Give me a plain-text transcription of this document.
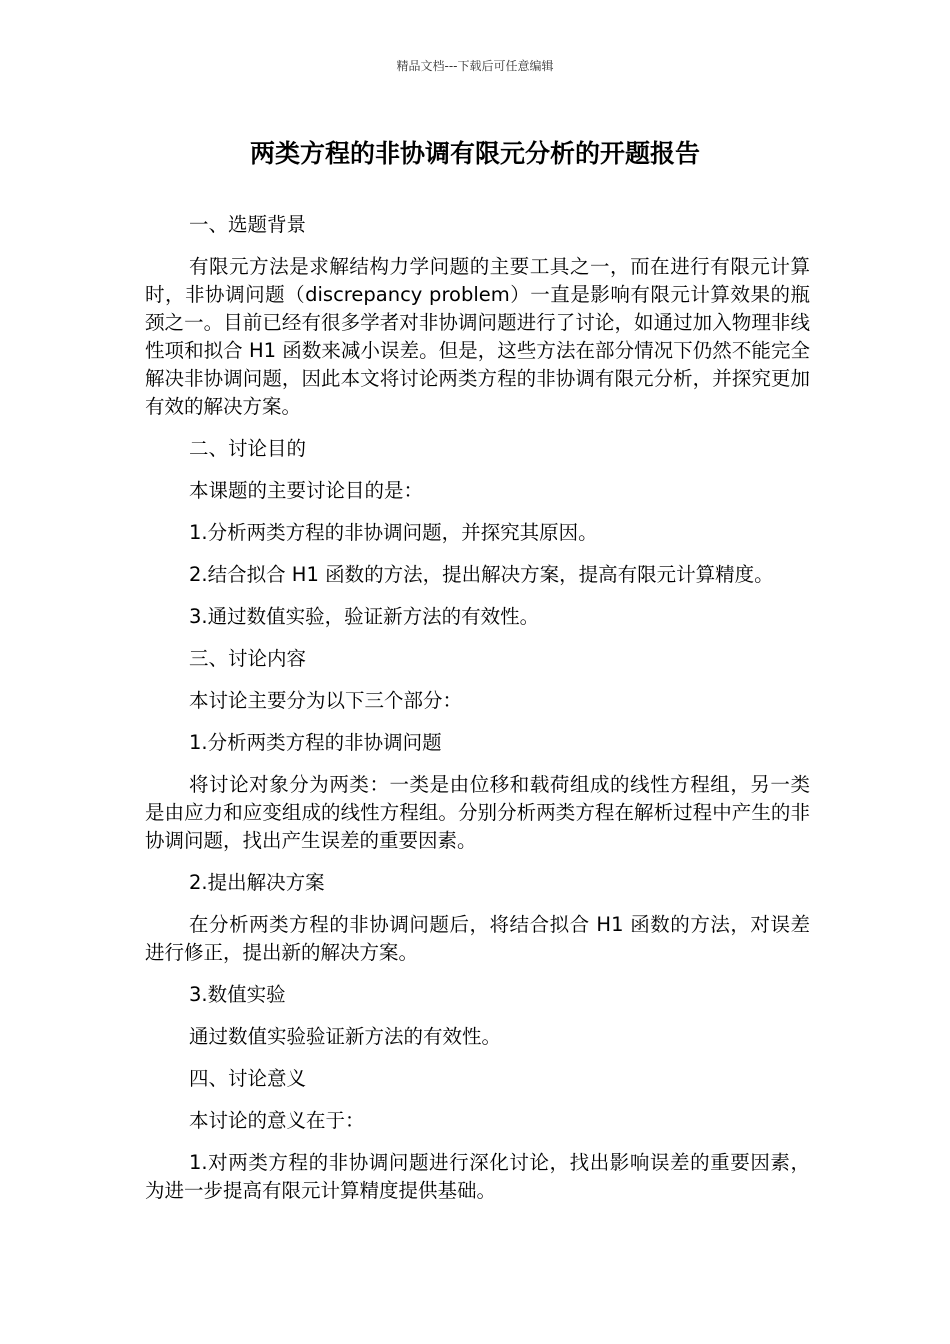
精品文档---下载后可任意编辑
两类方程的非协调有限元分析的开题报告

一、选题背景

有限元方法是求解结构力学问题的主要工具之一，而在进行有限元计算时，非协调问题（discrepancy problem）一直是影响有限元计算效果的瓶颈之一。目前已经有很多学者对非协调问题进行了讨论，如通过加入物理非线性项和拟合 H1 函数来减小误差。但是，这些方法在部分情况下仍然不能完全解决非协调问题，因此本文将讨论两类方程的非协调有限元分析，并探究更加有效的解决方案。

二、讨论目的

本课题的主要讨论目的是：

1.分析两类方程的非协调问题，并探究其原因。

2.结合拟合 H1 函数的方法，提出解决方案，提高有限元计算精度。

3.通过数值实验，验证新方法的有效性。

三、讨论内容

本讨论主要分为以下三个部分：

1.分析两类方程的非协调问题

将讨论对象分为两类：一类是由位移和载荷组成的线性方程组，另一类是由应力和应变组成的线性方程组。分别分析两类方程在解析过程中产生的非协调问题，找出产生误差的重要因素。

2.提出解决方案

在分析两类方程的非协调问题后，将结合拟合 H1 函数的方法，对误差进行修正，提出新的解决方案。

3.数值实验

通过数值实验验证新方法的有效性。

四、讨论意义

本讨论的意义在于：

1.对两类方程的非协调问题进行深化讨论，找出影响误差的重要因素，为进一步提高有限元计算精度提供基础。
